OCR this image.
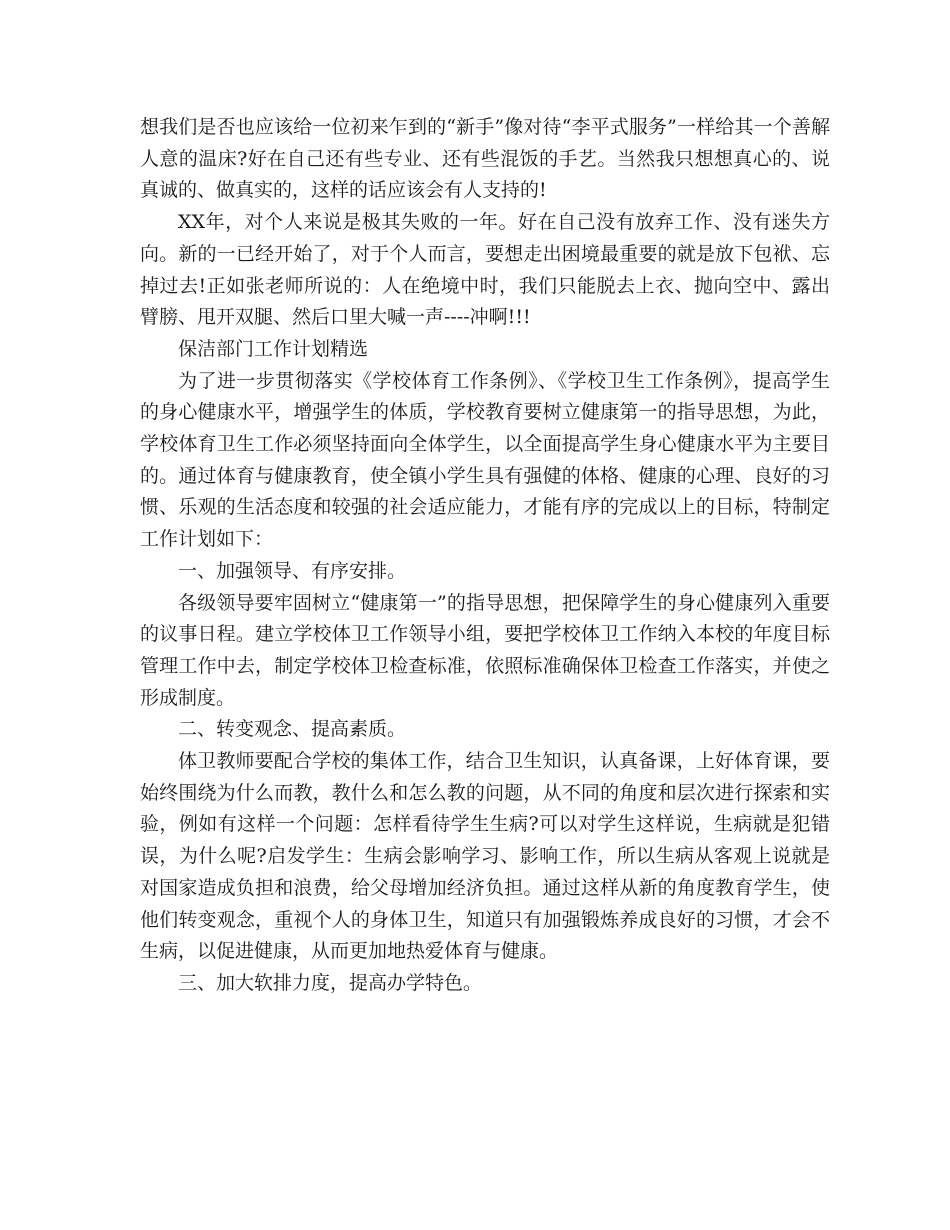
想我们是否也应该给一位初来乍到的“新手”像对待“李平式服务”一样给其一个善解人意的温床?好在自己还有些专业、还有些混饭的手艺。当然我只想想真心的、说真诚的、做真实的，这样的话应该会有人支持的!

XX年，对个人来说是极其失败的一年。好在自己没有放弃工作、没有迷失方向。新的一已经开始了，对于个人而言，要想走出困境最重要的就是放下包袱、忘掉过去!正如张老师所说的：人在绝境中时，我们只能脱去上衣、抛向空中、露出臂膀、甩开双腿、然后口里大喊一声----冲啊!!!

保洁部门工作计划精选

为了进一步贯彻落实《学校体育工作条例》、《学校卫生工作条例》，提高学生的身心健康水平，增强学生的体质，学校教育要树立健康第一的指导思想，为此，学校体育卫生工作必须坚持面向全体学生，以全面提高学生身心健康水平为主要目的。通过体育与健康教育，使全镇小学生具有强健的体格、健康的心理、良好的习惯、乐观的生活态度和较强的社会适应能力，才能有序的完成以上的目标，特制定工作计划如下：

一、加强领导、有序安排。

各级领导要牢固树立“健康第一”的指导思想，把保障学生的身心健康列入重要的议事日程。建立学校体卫工作领导小组，要把学校体卫工作纳入本校的年度目标管理工作中去，制定学校体卫检查标准，依照标准确保体卫检查工作落实，并使之形成制度。

二、转变观念、提高素质。

体卫教师要配合学校的集体工作，结合卫生知识，认真备课，上好体育课，要始终围绕为什么而教，教什么和怎么教的问题，从不同的角度和层次进行探索和实验，例如有这样一个问题：怎样看待学生生病?可以对学生这样说，生病就是犯错误，为什么呢?启发学生：生病会影响学习、影响工作，所以生病从客观上说就是对国家造成负担和浪费，给父母增加经济负担。通过这样从新的角度教育学生，使他们转变观念，重视个人的身体卫生，知道只有加强锻炼养成良好的习惯，才会不生病，以促进健康，从而更加地热爱体育与健康。

三、加大软排力度，提高办学特色。
